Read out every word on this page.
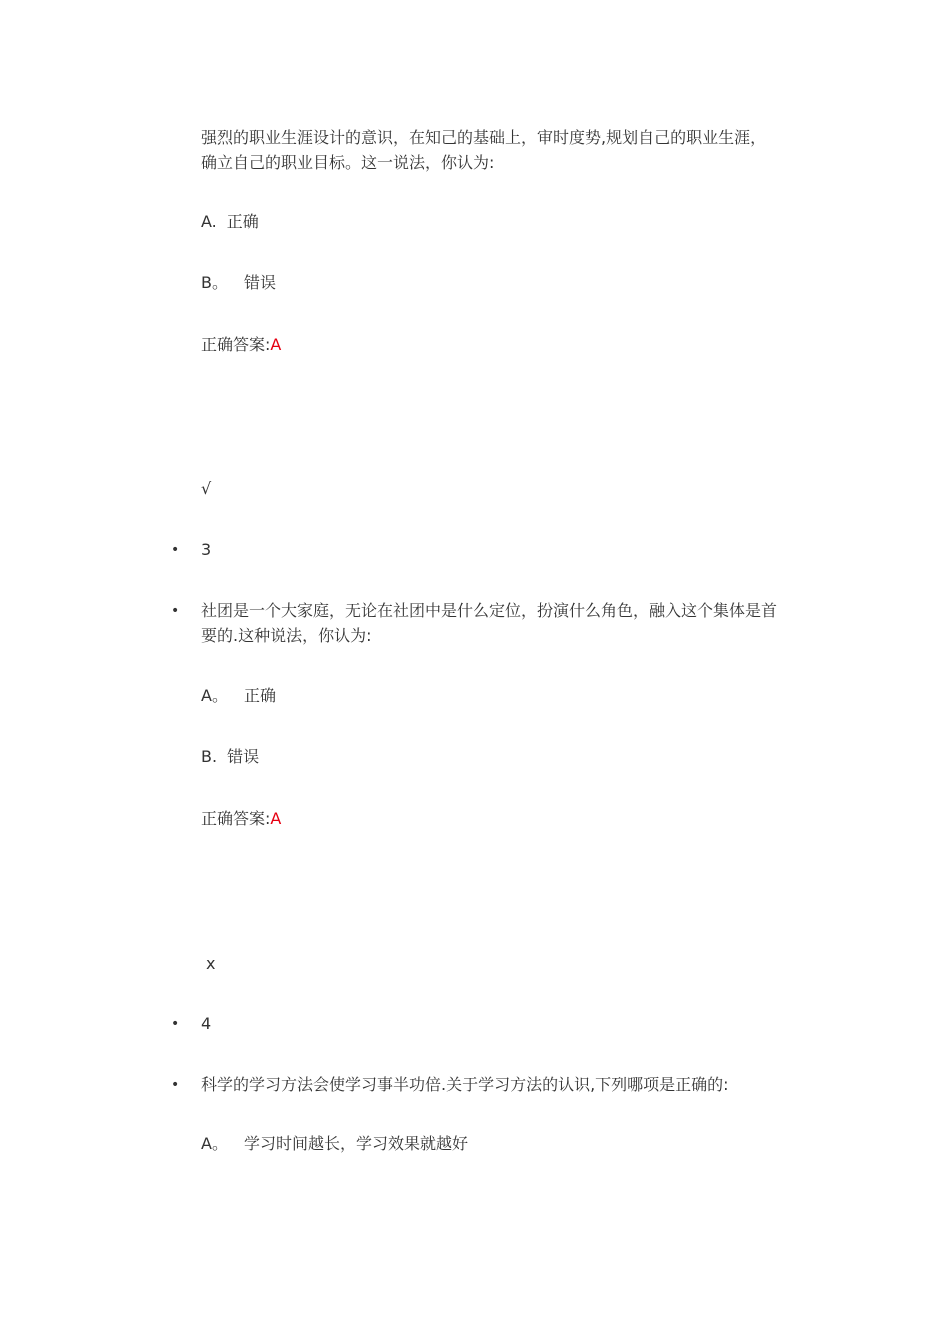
强烈的职业生涯设计的意识，在知己的基础上，审时度势,规划自己的职业生涯，
确立自己的职业目标。这一说法，你认为:
A. 正确
B。 错误
正确答案:A
√
• 3
• 社团是一个大家庭，无论在社团中是什么定位，扮演什么角色，融入这个集体是首
要的.这种说法，你认为:
A。 正确
B. 错误
正确答案:A
x
• 4
• 科学的学习方法会使学习事半功倍.关于学习方法的认识,下列哪项是正确的:
A。 学习时间越长，学习效果就越好
